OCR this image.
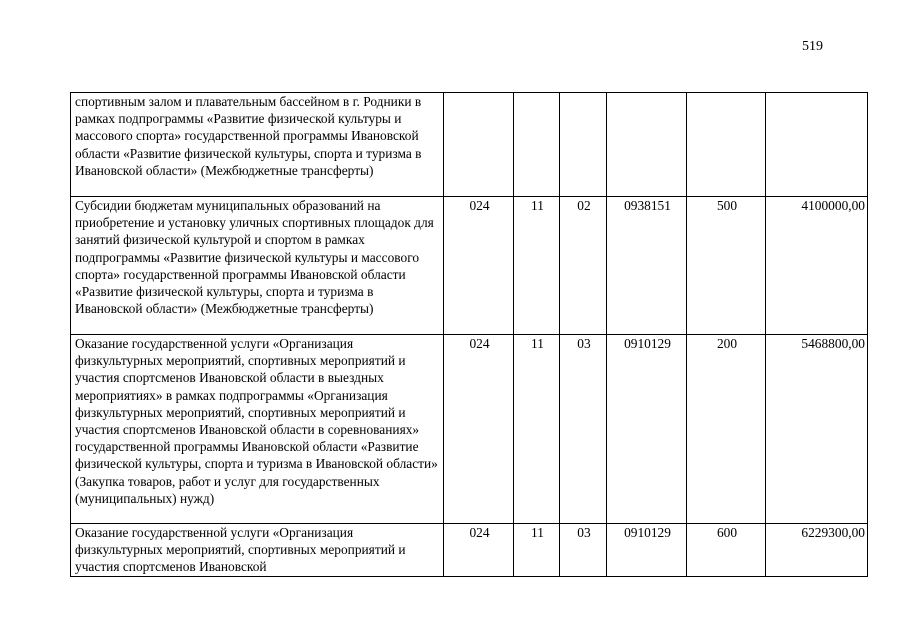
519
спортивным залом и плавательным бассейном в г. Родники в рамках подпрограммы «Развитие физической культуры и массового спорта» государственной программы Ивановской области «Развитие физической культуры, спорта и туризма в Ивановской области» (Межбюджетные трансферты)						
Субсидии бюджетам муниципальных образований на приобретение и установку уличных спортивных площадок для занятий физической культурой и спортом в рамках подпрограммы «Развитие физической культуры и массового спорта» государственной программы Ивановской области «Развитие физической культуры, спорта и туризма в Ивановской области» (Межбюджетные трансферты)	024	11	02	0938151	500	4100000,00
Оказание государственной услуги «Организация физкультурных мероприятий, спортивных мероприятий и участия спортсменов Ивановской области в выездных мероприятиях» в рамках подпрограммы «Организация физкультурных мероприятий, спортивных мероприятий и участия спортсменов Ивановской области в соревнованиях» государственной программы Ивановской области «Развитие физической культуры, спорта и туризма в Ивановской области» (Закупка товаров, работ и услуг для государственных (муниципальных) нужд)	024	11	03	0910129	200	5468800,00
Оказание государственной услуги «Организация физкультурных мероприятий, спортивных мероприятий и участия спортсменов Ивановской	024	11	03	0910129	600	6229300,00
